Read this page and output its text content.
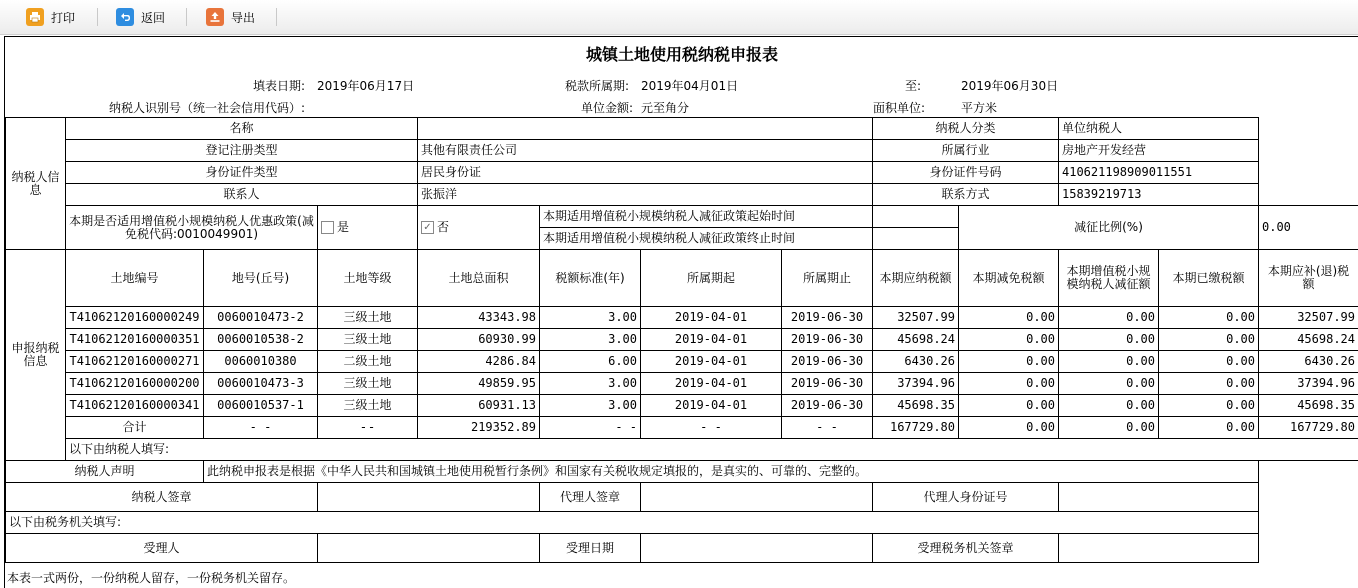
打印	返回	导出
城镇土地使用税纳税申报表
填表日期: 2019年06月17日	税款所属期: 2019年04月01日	至:	2019年06月30日
纳税人识别号（统一社会信用代码）:	单位金额: 元至角分	面积单位:	平方米
纳税人信息	名称							纳税人分类		单位纳税人		
	登记注册类型			其他有限责任公司				所属行业		房地产开发经营		
	身份证件类型			居民身份证				身份证件号码		410621198909011551		
	联系人			张振洋				联系方式		15839219713		
	本期是否适用增值税小规模纳税人优惠政策(减免税代码:0010049901)		是	✓ 否	本期适用增值税小规模纳税人减征政策起始时间				减征比例(%)			0.00
					本期适用增值税小规模纳税人减征政策终止时间							
申报纳税信息	土地编号	地号(丘号)	土地等级	土地总面积	税额标准(年)	所属期起	所属期止	本期应纳税额	本期减免税额	本期增值税小规模纳税人减征额	本期已缴税额	本期应补(退)税额
	T41062120160000249	0060010473-2	三级土地	43343.98	3.00	2019-04-01	2019-06-30	32507.99	0.00	0.00	0.00	32507.99
	T41062120160000351	0060010538-2	三级土地	60930.99	3.00	2019-04-01	2019-06-30	45698.24	0.00	0.00	0.00	45698.24
	T41062120160000271	0060010380	二级土地	4286.84	6.00	2019-04-01	2019-06-30	6430.26	0.00	0.00	0.00	6430.26
	T41062120160000200	0060010473-3	三级土地	49859.95	3.00	2019-04-01	2019-06-30	37394.96	0.00	0.00	0.00	37394.96
	T41062120160000341	0060010537-1	三级土地	60931.13	3.00	2019-04-01	2019-06-30	45698.35	0.00	0.00	0.00	45698.35
	合计	- -	- -	219352.89	- -	- -	- -	167729.80	0.00	0.00	0.00	167729.80
	以下由纳税人填写:											
纳税人声明		此纳税申报表是根据《中华人民共和国城镇土地使用税暂行条例》和国家有关税收规定填报的，是真实的、可靠的、完整的。										
纳税人签章					代理人签章			代理人身份证号				
以下由税务机关填写:												
受理人					受理日期			受理税务机关签章				
本表一式两份，一份纳税人留存，一份税务机关留存。
